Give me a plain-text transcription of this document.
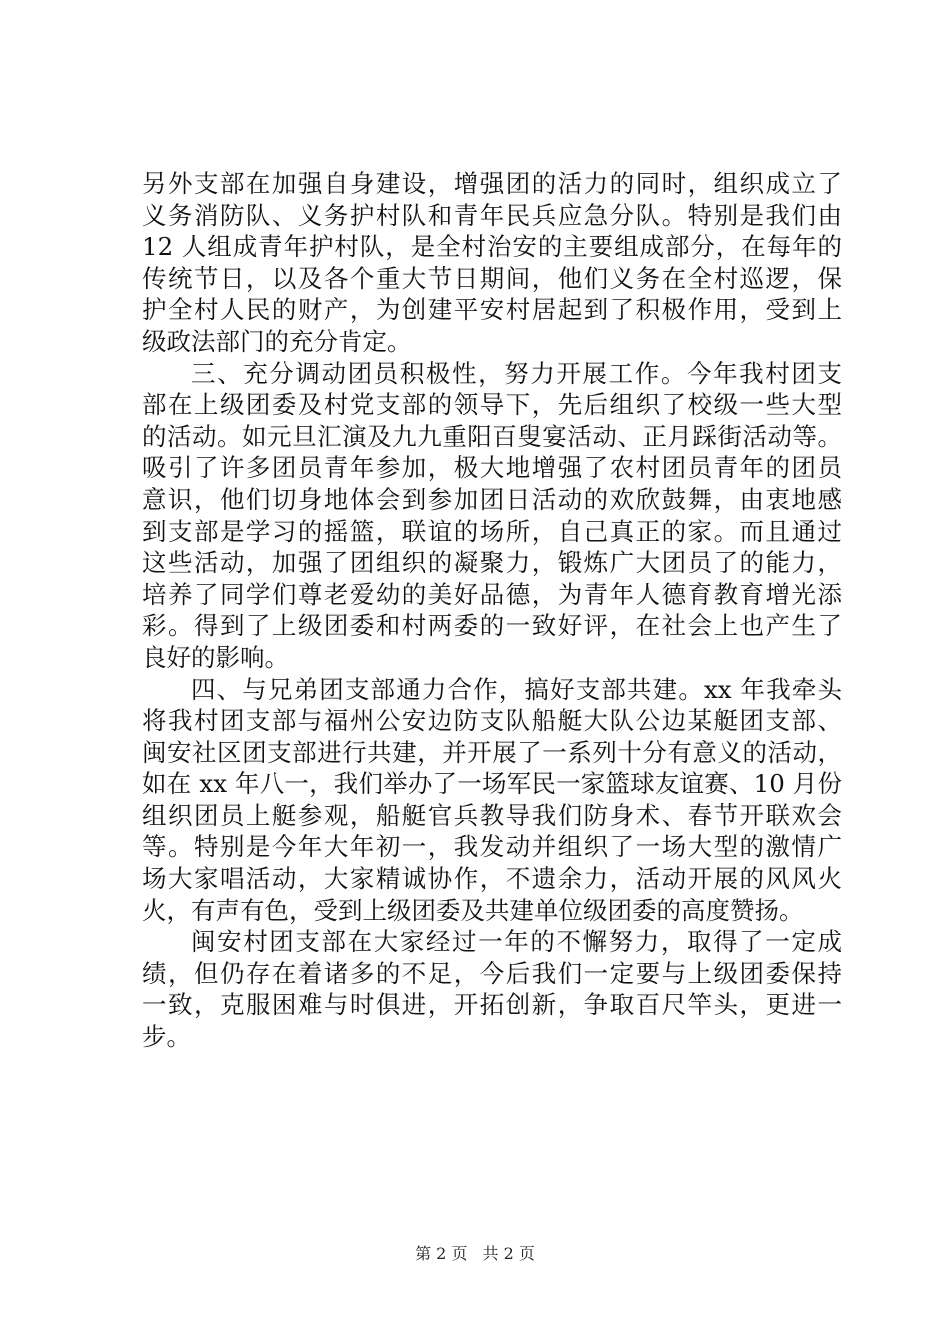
另外支部在加强自身建设，增强团的活力的同时，组织成立了
义务消防队、义务护村队和青年民兵应急分队。特别是我们由
12 人组成青年护村队，是全村治安的主要组成部分，在每年的
传统节日，以及各个重大节日期间，他们义务在全村巡逻，保
护全村人民的财产，为创建平安村居起到了积极作用，受到上
级政法部门的充分肯定。
三、充分调动团员积极性，努力开展工作。今年我村团支
部在上级团委及村党支部的领导下，先后组织了校级一些大型
的活动。如元旦汇演及九九重阳百叟宴活动、正月踩街活动等。
吸引了许多团员青年参加，极大地增强了农村团员青年的团员
意识，他们切身地体会到参加团日活动的欢欣鼓舞，由衷地感
到支部是学习的摇篮，联谊的场所，自己真正的家。而且通过
这些活动，加强了团组织的凝聚力，锻炼广大团员了的能力，
培养了同学们尊老爱幼的美好品德，为青年人德育教育增光添
彩。得到了上级团委和村两委的一致好评，在社会上也产生了
良好的影响。
四、与兄弟团支部通力合作，搞好支部共建。xx 年我牵头
将我村团支部与福州公安边防支队船艇大队公边某艇团支部、
闽安社区团支部进行共建，并开展了一系列十分有意义的活动，
如在 xx 年八一，我们举办了一场军民一家篮球友谊赛、10 月份
组织团员上艇参观，船艇官兵教导我们防身术、春节开联欢会
等。特别是今年大年初一，我发动并组织了一场大型的激情广
场大家唱活动，大家精诚协作，不遗余力，活动开展的风风火
火，有声有色，受到上级团委及共建单位级团委的高度赞扬。
闽安村团支部在大家经过一年的不懈努力，取得了一定成
绩，但仍存在着诸多的不足，今后我们一定要与上级团委保持
一致，克服困难与时俱进，开拓创新，争取百尺竿头，更进一
步。
第 2 页 共 2 页
